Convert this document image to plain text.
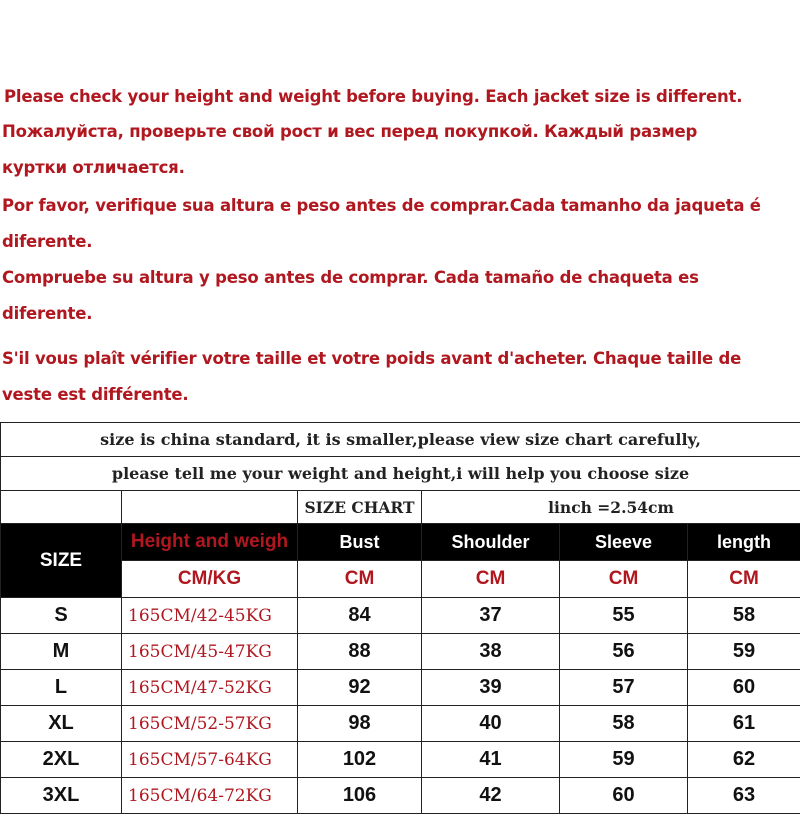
Please check your height and weight before buying. Each jacket size is different.
Пожалуйста, проверьте свой рост и вес перед покупкой. Каждый размер
куртки отличается.
Por favor, verifique sua altura e peso antes de comprar.Cada tamanho da jaqueta é
diferente.
Compruebe su altura y peso antes de comprar. Cada tamaño de chaqueta es
diferente.
S'il vous plaît vérifier votre taille et votre poids avant d'acheter. Chaque taille de
veste est différente.
size is china standard, it is smaller,please view size chart carefully,					
please tell me your weight and height,i will help you choose size					
		SIZE CHART	linch =2.54cm		
SIZE	Height and weigh	Bust	Shoulder	Sleeve	length
	CM/KG	CM	CM	CM	CM
S	165CM/42-45KG	84	37	55	58
M	165CM/45-47KG	88	38	56	59
L	165CM/47-52KG	92	39	57	60
XL	165CM/52-57KG	98	40	58	61
2XL	165CM/57-64KG	102	41	59	62
3XL	165CM/64-72KG	106	42	60	63
